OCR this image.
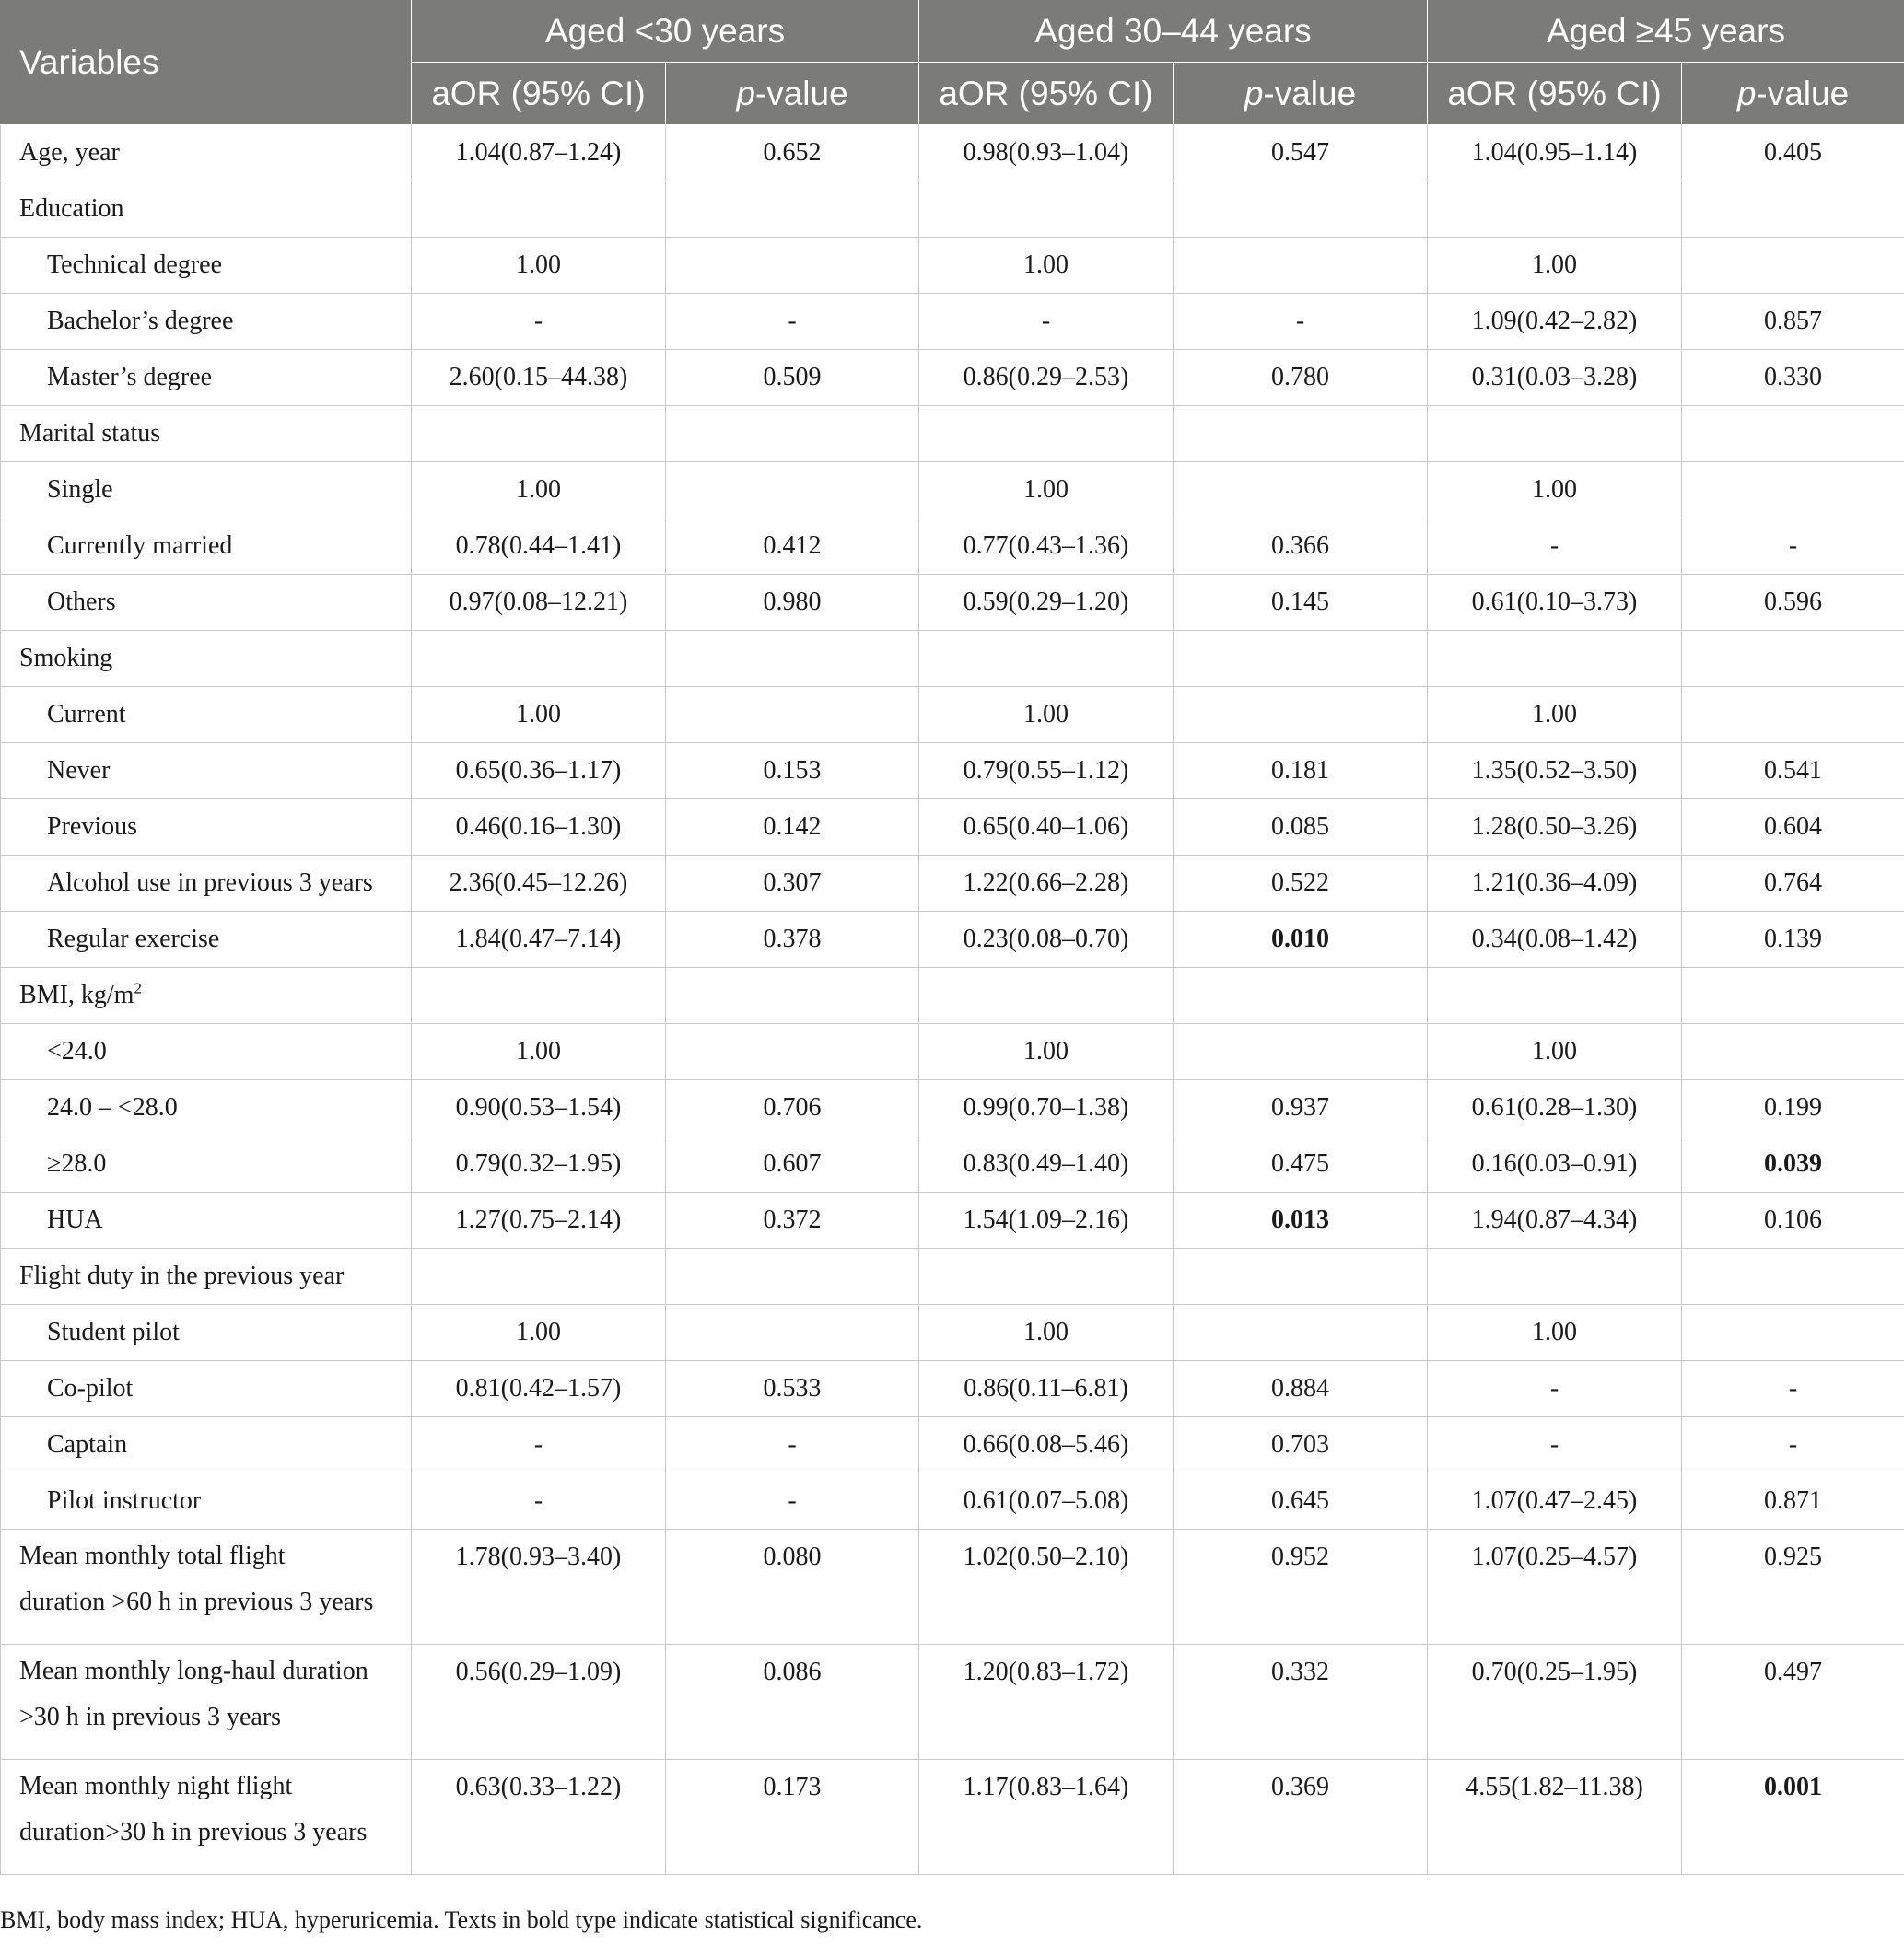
Variables	Aged <30 years		Aged 30–44 years		Aged ≥45 years	
	aOR (95% CI)	p-value	aOR (95% CI)	p-value	aOR (95% CI)	p-value
Age, year	1.04(0.87–1.24)	0.652	0.98(0.93–1.04)	0.547	1.04(0.95–1.14)	0.405
Education						
Technical degree	1.00		1.00		1.00	
Bachelor’s degree	-	-	-	-	1.09(0.42–2.82)	0.857
Master’s degree	2.60(0.15–44.38)	0.509	0.86(0.29–2.53)	0.780	0.31(0.03–3.28)	0.330
Marital status						
Single	1.00		1.00		1.00	
Currently married	0.78(0.44–1.41)	0.412	0.77(0.43–1.36)	0.366	-	-
Others	0.97(0.08–12.21)	0.980	0.59(0.29–1.20)	0.145	0.61(0.10–3.73)	0.596
Smoking						
Current	1.00		1.00		1.00	
Never	0.65(0.36–1.17)	0.153	0.79(0.55–1.12)	0.181	1.35(0.52–3.50)	0.541
Previous	0.46(0.16–1.30)	0.142	0.65(0.40–1.06)	0.085	1.28(0.50–3.26)	0.604
Alcohol use in previous 3 years	2.36(0.45–12.26)	0.307	1.22(0.66–2.28)	0.522	1.21(0.36–4.09)	0.764
Regular exercise	1.84(0.47–7.14)	0.378	0.23(0.08–0.70)	0.010	0.34(0.08–1.42)	0.139
BMI, $kg/m^2$						
<24.0	1.00		1.00		1.00	
24.0 – <28.0	0.90(0.53–1.54)	0.706	0.99(0.70–1.38)	0.937	0.61(0.28–1.30)	0.199
≥28.0	0.79(0.32–1.95)	0.607	0.83(0.49–1.40)	0.475	0.16(0.03–0.91)	0.039
HUA	1.27(0.75–2.14)	0.372	1.54(1.09–2.16)	0.013	1.94(0.87–4.34)	0.106
Flight duty in the previous year						
Student pilot	1.00		1.00		1.00	
Co-pilot	0.81(0.42–1.57)	0.533	0.86(0.11–6.81)	0.884	-	-
Captain	-	-	0.66(0.08–5.46)	0.703	-	-
Pilot instructor	-	-	0.61(0.07–5.08)	0.645	1.07(0.47–2.45)	0.871
Mean monthly total flight
duration >60 h in previous 3 years	1.78(0.93–3.40)	0.080	1.02(0.50–2.10)	0.952	1.07(0.25–4.57)	0.925
Mean monthly long-haul duration
>30 h in previous 3 years	0.56(0.29–1.09)	0.086	1.20(0.83–1.72)	0.332	0.70(0.25–1.95)	0.497
Mean monthly night flight
duration>30 h in previous 3 years	0.63(0.33–1.22)	0.173	1.17(0.83–1.64)	0.369	4.55(1.82–11.38)	0.001
BMI, body mass index; HUA, hyperuricemia. Texts in bold type indicate statistical significance.
